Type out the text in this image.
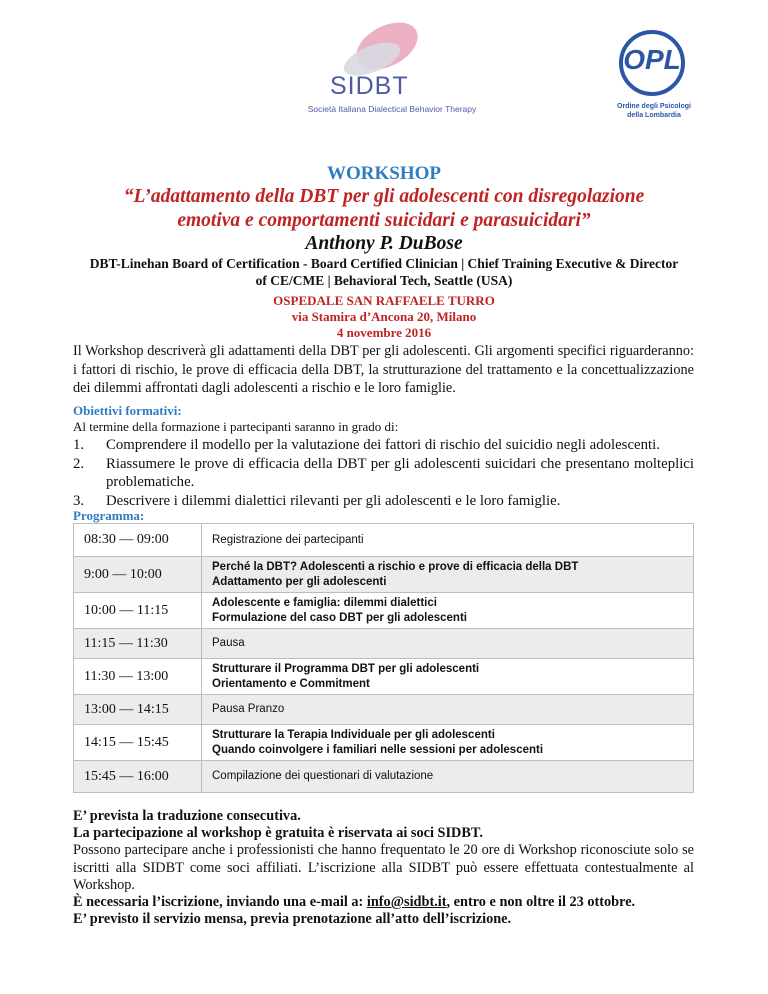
SIDBT
Società Italiana Dialectical Behavior Therapy
OPL
Ordine degli Psicologi
della Lombardia
WORKSHOP
“L’adattamento della DBT per gli adolescenti con disregolazione
emotiva e comportamenti suicidari e parasuicidari”
Anthony P. DuBose
DBT-Linehan Board of Certification - Board Certified Clinician | Chief Training Executive & Director
of CE/CME | Behavioral Tech, Seattle (USA)
OSPEDALE SAN RAFFAELE TURRO
via Stamira d’Ancona 20, Milano
4 novembre 2016
Il Workshop descriverà gli adattamenti della DBT per gli adolescenti. Gli argomenti specifici riguarderanno: i fattori di rischio, le prove di efficacia della DBT, la strutturazione del trattamento e la concettualizzazione dei dilemmi affrontati dagli adolescenti a rischio e le loro famiglie.
Obiettivi formativi:
Al termine della formazione i partecipanti saranno in grado di:
1. Comprendere il modello per la valutazione dei fattori di rischio del suicidio negli adolescenti.
2. Riassumere le prove di efficacia della DBT per gli adolescenti suicidari che presentano molteplici problematiche.
3. Descrivere i dilemmi dialettici rilevanti per gli adolescenti e le loro famiglie.
Programma:
08:30 — 09:00	Registrazione dei partecipanti
9:00 — 10:00	Perché la DBT? Adolescenti a rischio e prove di efficacia della DBT
Adattamento per gli adolescenti
10:00 — 11:15	Adolescente e famiglia: dilemmi dialettici
Formulazione del caso DBT per gli adolescenti
11:15 — 11:30	Pausa
11:30 — 13:00	Strutturare il Programma DBT per gli adolescenti
Orientamento e Commitment
13:00 — 14:15	Pausa Pranzo
14:15 — 15:45	Strutturare la Terapia Individuale per gli adolescenti
Quando coinvolgere i familiari nelle sessioni per adolescenti
15:45 — 16:00	Compilazione dei questionari di valutazione

E’ prevista la traduzione consecutiva.

La partecipazione al workshop è gratuita è riservata ai soci SIDBT.

Possono partecipare anche i professionisti che hanno frequentato le 20 ore di Workshop riconosciute solo se iscritti alla SIDBT come soci affiliati. L’iscrizione alla SIDBT può essere effettuata contestualmente al Workshop.

È necessaria l’iscrizione, inviando una e-mail a: info@sidbt.it, entro e non oltre il 23 ottobre.

E’ previsto il servizio mensa, previa prenotazione all’atto dell’iscrizione.
